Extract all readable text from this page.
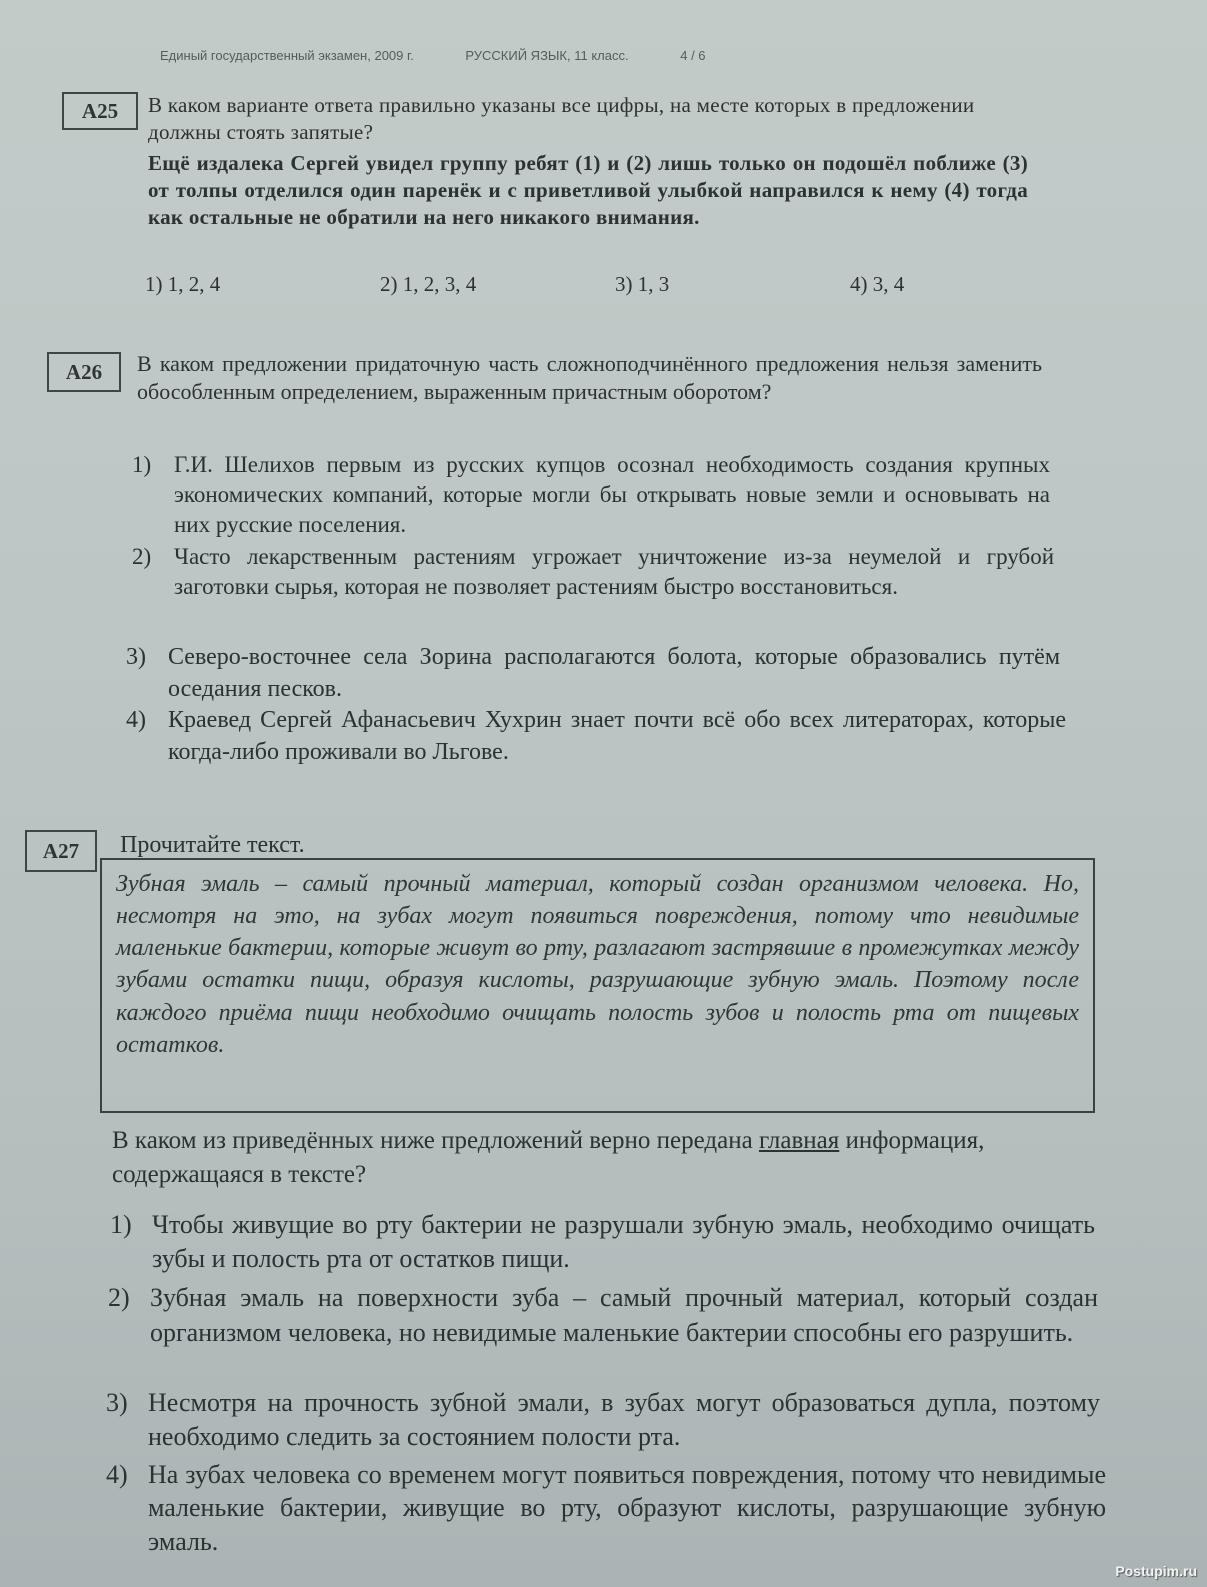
Единый государственный экзамен, 2009 г.	РУССКИЙ ЯЗЫК, 11 класс.	4 / 6
A25	В каком варианте ответа правильно указаны все цифры, на месте которых в предложении должны стоять запятые?
Ещё издалека Сергей увидел группу ребят (1) и (2) лишь только он подошёл поближе (3) от толпы отделился один паренёк и с приветливой улыбкой направился к нему (4) тогда как остальные не обратили на него никакого внимания.
1) 1, 2, 4	2) 1, 2, 3, 4	3) 1, 3	4) 3, 4
A26	В каком предложении придаточную часть сложноподчинённого предложения нельзя заменить обособленным определением, выраженным причастным оборотом?
1) Г.И. Шелихов первым из русских купцов осознал необходимость создания крупных экономических компаний, которые могли бы открывать новые земли и основывать на них русские поселения.
2) Часто лекарственным растениям угрожает уничтожение из-за неумелой и грубой заготовки сырья, которая не позволяет растениям быстро восстановиться.
3) Северо-восточнее села Зорина располагаются болота, которые образовались путём оседания песков.
4) Краевед Сергей Афанасьевич Хухрин знает почти всё обо всех литераторах, которые когда-либо проживали во Льгове.
A27	Прочитайте текст.
Зубная эмаль – самый прочный материал, который создан организмом человека. Но, несмотря на это, на зубах могут появиться повреждения, потому что невидимые маленькие бактерии, которые живут во рту, разлагают застрявшие в промежутках между зубами остатки пищи, образуя кислоты, разрушающие зубную эмаль. Поэтому после каждого приёма пищи необходимо очищать полость зубов и полость рта от пищевых остатков.
В каком из приведённых ниже предложений верно передана главная информация, содержащаяся в тексте?
1) Чтобы живущие во рту бактерии не разрушали зубную эмаль, необходимо очищать зубы и полость рта от остатков пищи.
2) Зубная эмаль на поверхности зуба – самый прочный материал, который создан организмом человека, но невидимые маленькие бактерии способны его разрушить.
3) Несмотря на прочность зубной эмали, в зубах могут образоваться дупла, поэтому необходимо следить за состоянием полости рта.
4) На зубах человека со временем могут появиться повреждения, потому что невидимые маленькие бактерии, живущие во рту, образуют кислоты, разрушающие зубную эмаль.
Postupim.ru
